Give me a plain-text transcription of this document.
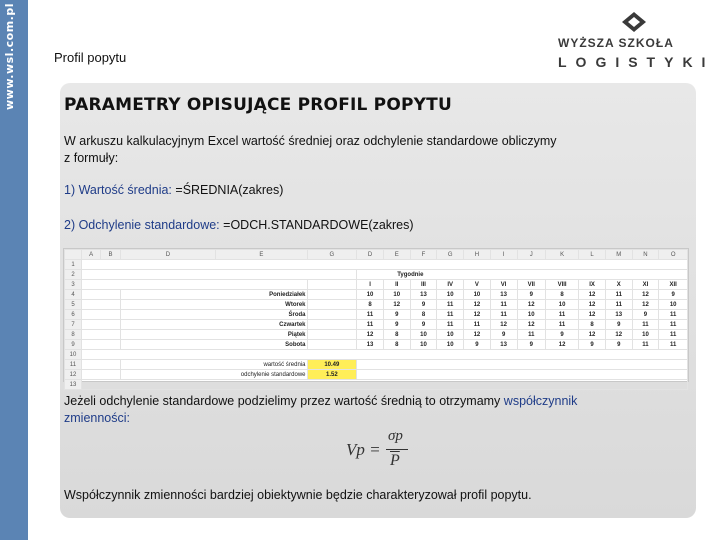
www.wsl.com.pl	Profil popytu
WYŻSZA SZKOŁA
LOGISTYKI
PARAMETRY OPISUJĄCE PROFIL POPYTU
W arkuszu kalkulacyjnym Excel wartość średniej oraz odchylenie standardowe obliczymy
z formuły:
1) Wartość średnia: =ŚREDNIA(zakres)
2) Odchylenie standardowe: =ODCH.STANDARDOWE(zakres)
	A	B	D	E	G	D	E	F	G	H	I	J	K	L	M	N	O
1																	
2						Tygodnie											
3						I	II	III	IV	V	VI	VII	VIII	IX	X	XI	XII
4			Poniedziałek			10	10	13	10	10	13	9	8	12	11	12	9
5			Wtorek			8	12	9	11	12	11	12	10	12	11	12	10
6			Środa			11	9	8	11	12	11	10	11	12	13	9	11
7			Czwartek			11	9	9	11	11	12	12	11	8	9	11	11
8			Piątek			12	8	10	10	12	9	11	9	12	12	10	11
9			Sobota			13	8	10	10	9	13	9	12	9	9	11	11
10																	
11			wartość średnia		10.49												
12			odchylenie standardowe		1.52												
13																	
Jeżeli odchylenie standardowe podzielimy przez wartość średnią to otrzymamy współczynnik
zmienności:
Vp =
σp
$\overline{P}$
Współczynnik zmienności bardziej obiektywnie będzie charakteryzował profil popytu.
